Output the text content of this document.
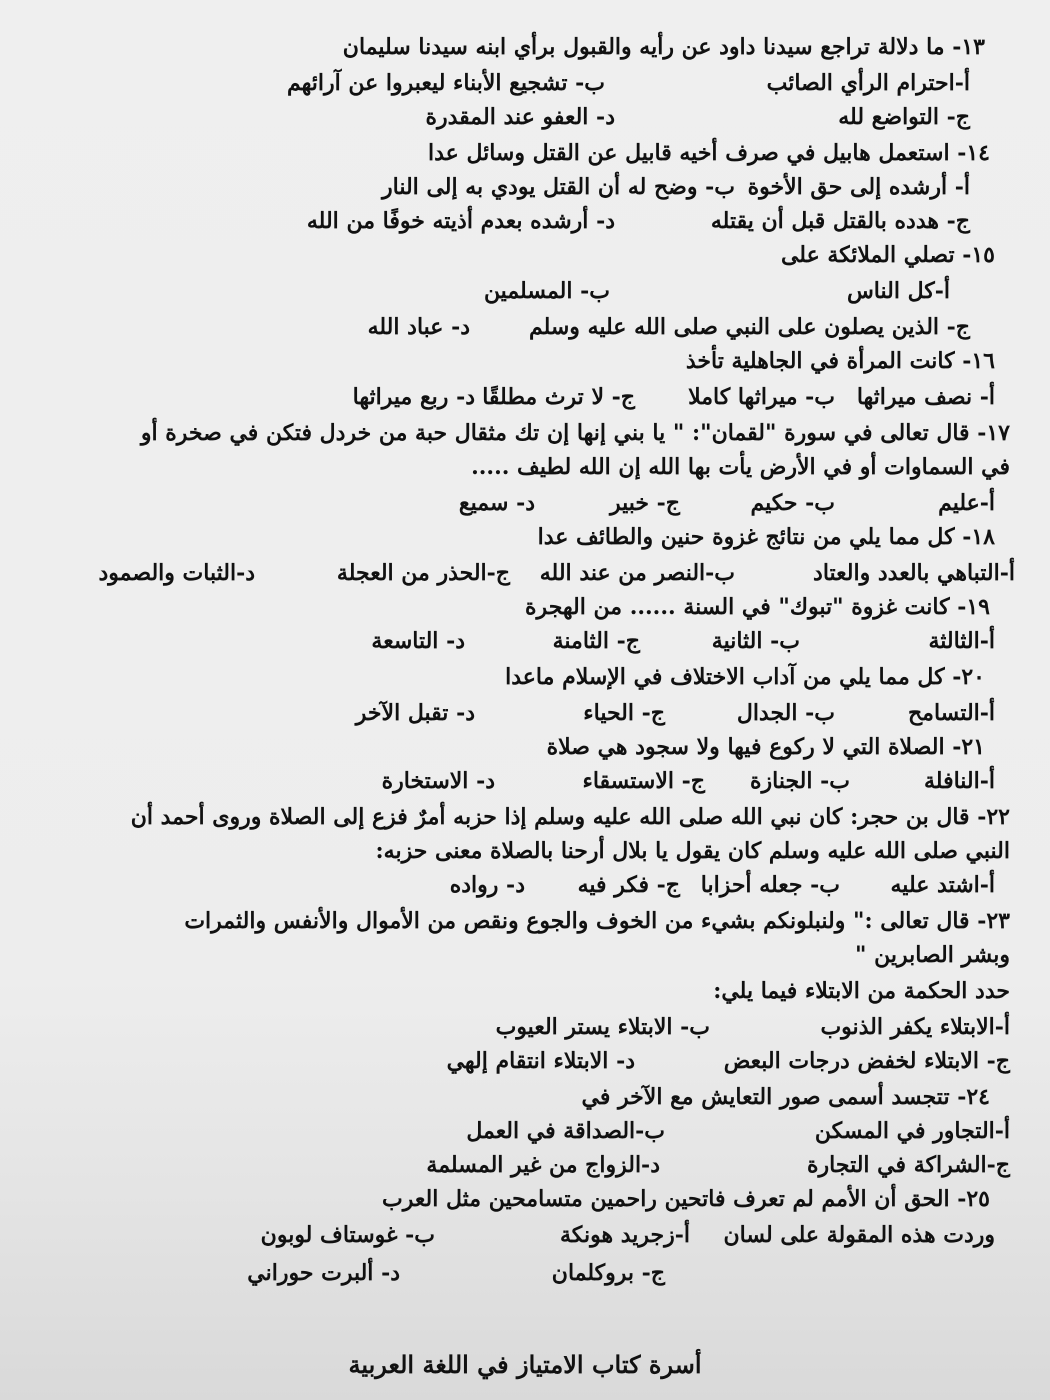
١٣- ما دلالة تراجع سيدنا داود عن رأيه والقبول برأي ابنه سيدنا سليمان
أ-احترام الرأي الصائب
ب- تشجيع الأبناء ليعبروا عن آرائهم
ج- التواضع لله
د- العفو عند المقدرة
١٤- استعمل هابيل في صرف أخيه قابيل عن القتل وسائل عدا
أ- أرشده إلى حق الأخوة
ب- وضح له أن القتل يودي به إلى النار
ج- هدده بالقتل قبل أن يقتله
د- أرشده بعدم أذيته خوفًا من الله
١٥- تصلي الملائكة على
أ-كل الناس
ب- المسلمين
ج- الذين يصلون على النبي صلى الله عليه وسلم
د- عباد الله
١٦- كانت المرأة في الجاهلية تأخذ
أ- نصف ميراثها
ب- ميراثها كاملا
ج- لا ترث مطلقًا
د- ربع ميراثها
١٧- قال تعالى في سورة "لقمان": " يا بني إنها إن تك مثقال حبة من خردل فتكن في صخرة أو
في السماوات أو في الأرض يأت بها الله إن الله لطيف .....
أ-عليم
ب- حكيم
ج- خبير
د- سميع
١٨- كل مما يلي من نتائج غزوة حنين والطائف عدا
أ-التباهي بالعدد والعتاد
ب-النصر من عند الله
ج-الحذر من العجلة
د-الثبات والصمود
١٩- كانت غزوة "تبوك" في السنة ...... من الهجرة
أ-الثالثة
ب- الثانية
ج- الثامنة
د- التاسعة
٢٠- كل مما يلي من آداب الاختلاف في الإسلام ماعدا
أ-التسامح
ب- الجدال
ج- الحياء
د- تقبل الآخر
٢١- الصلاة التي لا ركوع فيها ولا سجود هي صلاة
أ-النافلة
ب- الجنازة
ج- الاستسقاء
د- الاستخارة
٢٢- قال بن حجر: كان نبي الله صلى الله عليه وسلم إذا حزبه أمرٌ فزع إلى الصلاة وروى أحمد أن
النبي صلى الله عليه وسلم كان يقول يا بلال أرحنا بالصلاة معنى حزبه:
أ-اشتد عليه
ب- جعله أحزابا
ج- فكر فيه
د- رواده
٢٣- قال تعالى :" ولنبلونكم بشيء من الخوف والجوع ونقص من الأموال والأنفس والثمرات
وبشر الصابرين "
حدد الحكمة من الابتلاء فيما يلي:
أ-الابتلاء يكفر الذنوب
ب- الابتلاء يستر العيوب
ج- الابتلاء لخفض درجات البعض
د- الابتلاء انتقام إلهي
٢٤- تتجسد أسمى صور التعايش مع الآخر في
أ-التجاور في المسكن
ب-الصداقة في العمل
ج-الشراكة في التجارة
د-الزواج من غير المسلمة
٢٥- الحق أن الأمم لم تعرف فاتحين راحمين متسامحين مثل العرب
وردت هذه المقولة على لسان
أ-زجريد هونكة
ب- غوستاف لوبون
ج- بروكلمان
د- ألبرت حوراني
أسرة كتاب الامتياز في اللغة العربية
